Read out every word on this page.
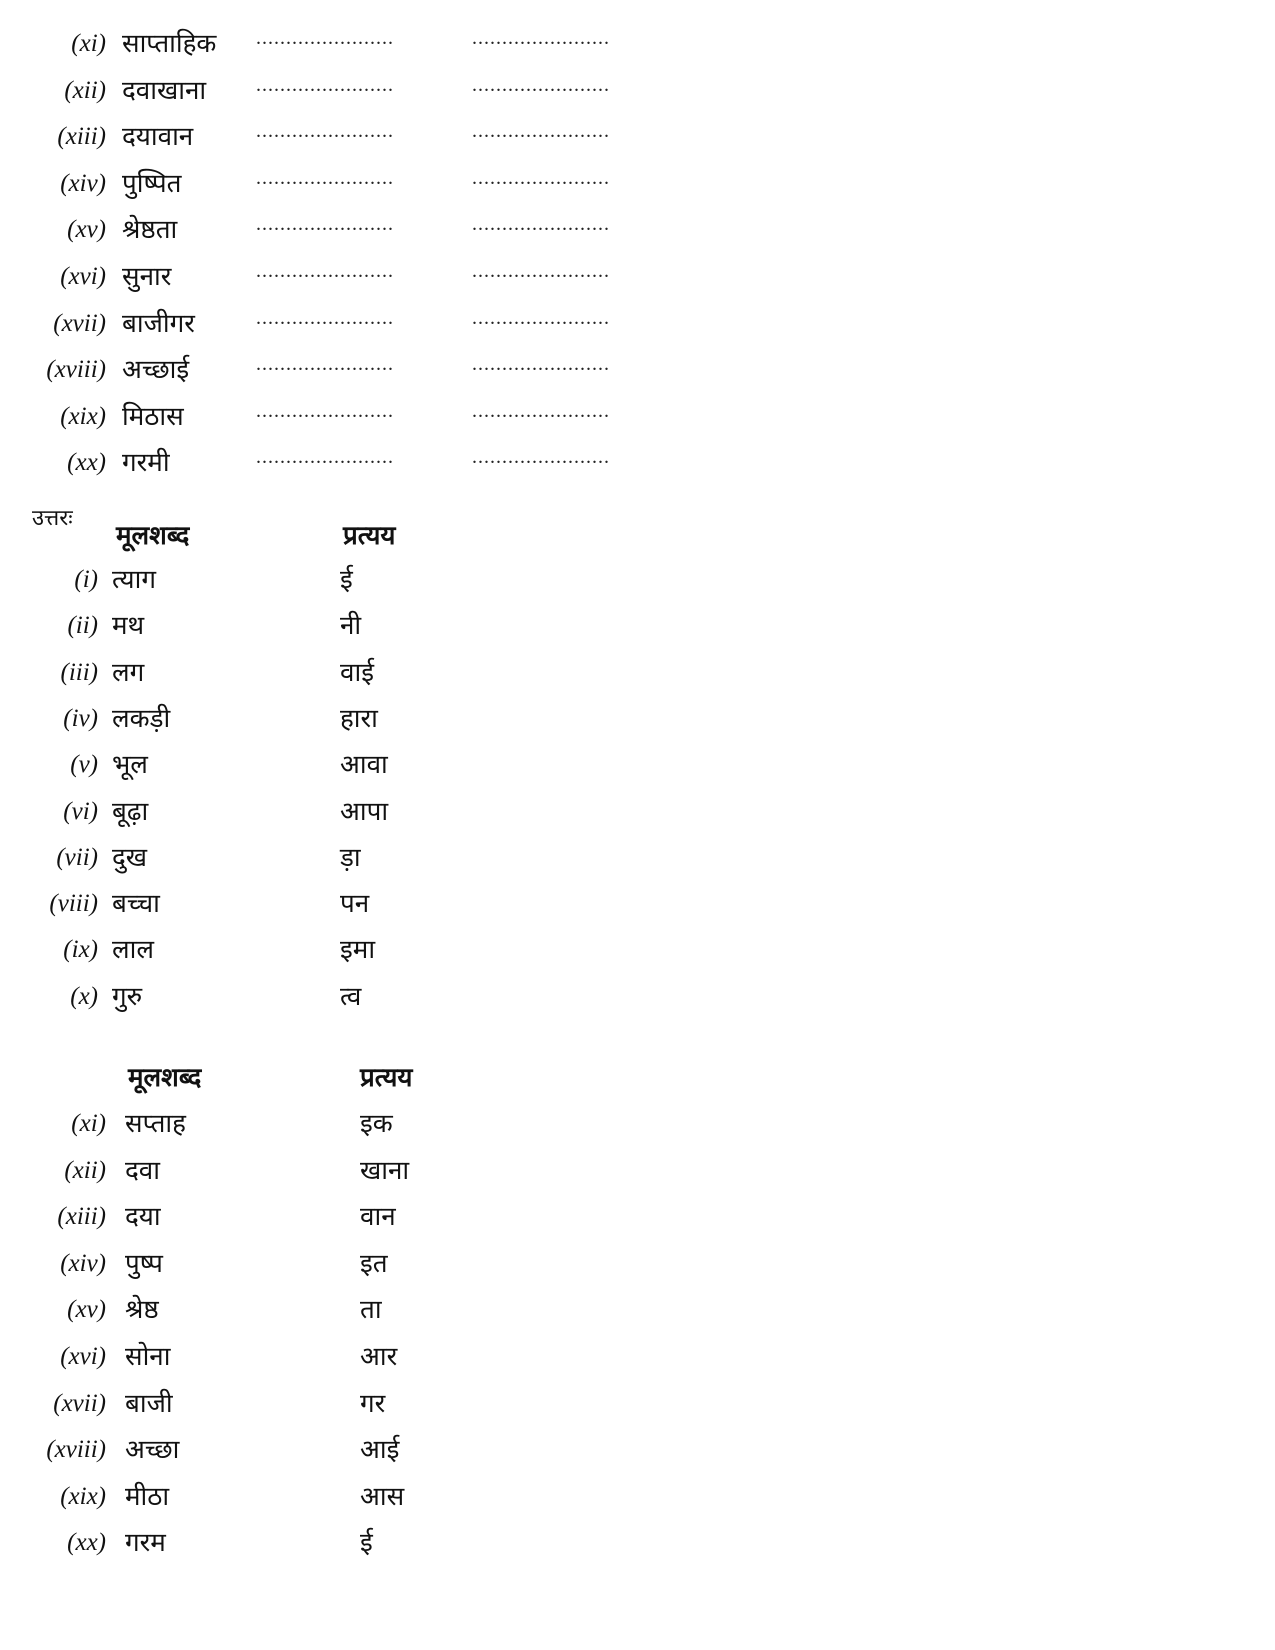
(xi) साप्ताहिक .......................	.......................
(xii) दवाखाना .......................	.......................
(xiii) दयावान	.......................	.......................
(xiv) पुष्पित	.......................	.......................
(xv) श्रेष्ठता	.......................	.......................
(xvi) सुनार	.......................	.......................
(xvii) बाजीगर	.......................	.......................
(xviii) अच्छाई	.......................	.......................
(xix) मिठास	.......................	.......................
(xx) गरमी	.......................	.......................
उत्तरः
मूलशब्द	प्रत्यय
(i) त्याग	ई
(ii) मथ	नी
(iii) लग	वाई
(iv) लकड़ी	हारा
(v) भूल	आवा
(vi) बूढ़ा	आपा
(vii) दुख	ड़ा
(viii) बच्चा	पन
(ix) लाल	इमा
(x) गुरु	त्व
मूलशब्द	प्रत्यय
(xi) सप्ताह	इक
(xii) दवा	खाना
(xiii) दया	वान
(xiv) पुष्प	इत
(xv) श्रेष्ठ	ता
(xvi) सोना	आर
(xvii) बाजी	गर
(xviii) अच्छा	आई
(xix) मीठा	आस
(xx) गरम	ई
